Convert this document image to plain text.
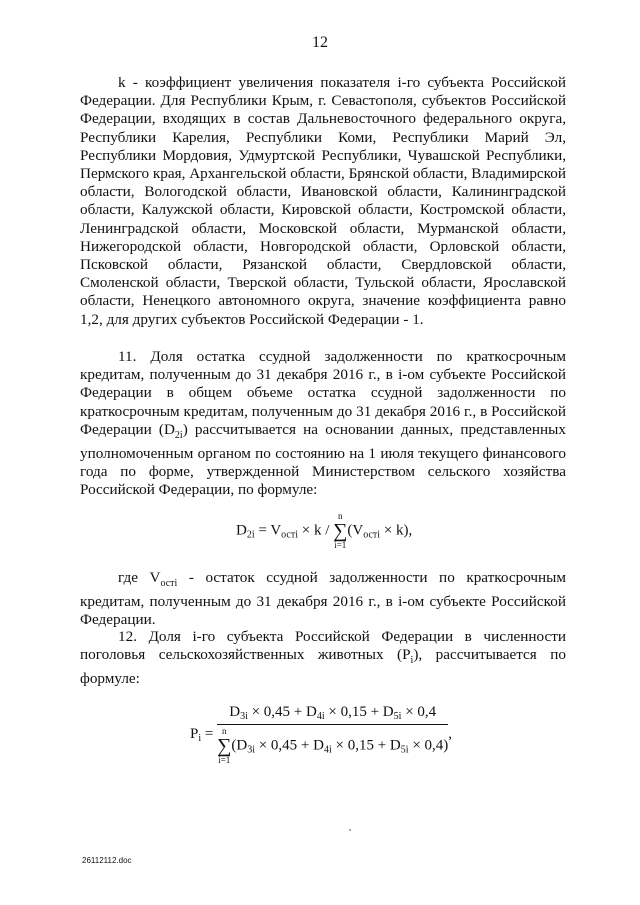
12

k - коэффициент увеличения показателя i-го субъекта Российской Федерации. Для Республики Крым, г. Севастополя, субъектов Российской Федерации, входящих в состав Дальневосточного федерального округа, Республики Карелия, Республики Коми, Республики Марий Эл, Республики Мордовия, Удмуртской Республики, Чувашской Республики, Пермского края, Архангельской области, Брянской области, Владимирской области, Вологодской области, Ивановской области, Калининградской области, Калужской области, Кировской области, Костромской области, Ленинградской области, Московской области, Мурманской области, Нижегородской области, Новгородской области, Орловской области, Псковской области, Рязанской области, Свердловской области, Смоленской области, Тверской области, Тульской области, Ярославской области, Ненецкого автономного округа, значение коэффициента равно 1,2, для других субъектов Российской Федерации - 1.

11. Доля остатка ссудной задолженности по краткосрочным кредитам, полученным до 31 декабря 2016 г., в i-ом субъекте Российской Федерации в общем объеме остатка ссудной задолженности по краткосрочным кредитам, полученным до 31 декабря 2016 г., в Российской Федерации $(D_{2i})$ рассчитывается на основании данных, представленных уполномоченным органом по состоянию на 1 июля текущего финансового года по форме, утвержденной Министерством сельского хозяйства Российской Федерации, по формуле:

$D_{2i} = V_{остi} \times k$ /
n
∑
i=1
$(V_{остi} \times k)$,

где $V_{остi}$ - остаток ссудной задолженности по краткосрочным кредитам, полученным до 31 декабря 2016 г., в i-ом субъекте Российской Федерации.

12. Доля i-го субъекта Российской Федерации в численности поголовья сельскохозяйственных животных $(P_i)$, рассчитывается по формуле:

$P_i = D_{3i} \times 0,45 + D_{4i} \times 0,15 + D_{5i} \times 0,4$
n
∑
i=1
$(D_{3i} \times 0,45 + D_{4i} \times 0,15 + D_{5i} \times 0,4)$ ,
26112112.doc
